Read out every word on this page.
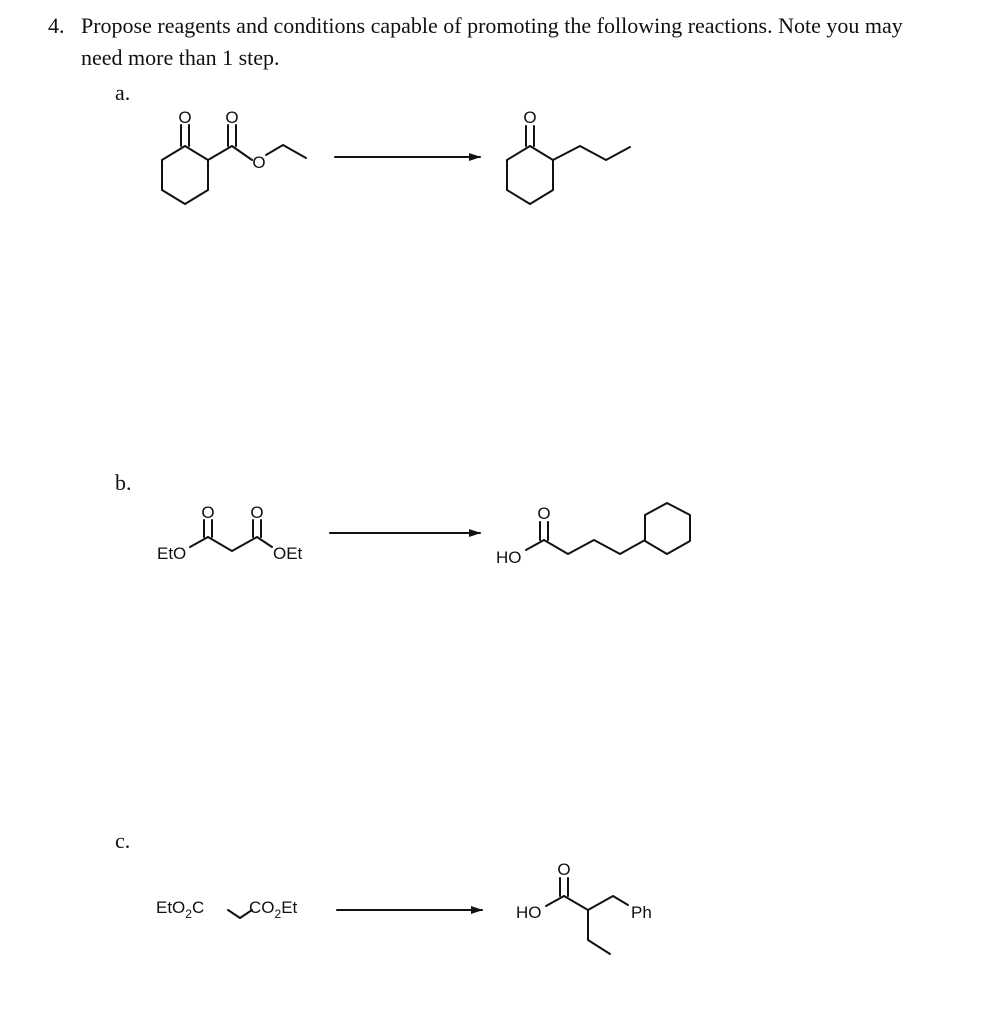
4. Propose reagents and conditions capable of promoting the following reactions. Note you may need more than 1 step.
a.
b.
c.
O O
O
O
O O
EtO	OEt
O
HO
EtO$_2$C	$CO_2Et$
O
HO	Ph
